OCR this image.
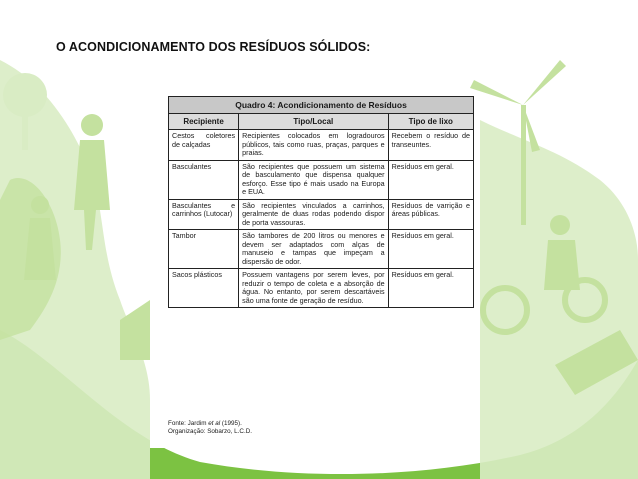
O ACONDICIONAMENTO DOS RESÍDUOS SÓLIDOS:
Quadro 4: Acondicionamento de Resíduos		
Recipiente	Tipo/Local	Tipo de lixo
Cestos coletores de calçadas	Recipientes colocados em logradouros públicos, tais como ruas, praças, parques e praias.	Recebem o resíduo de transeuntes.
Basculantes	São recipientes que possuem um sistema de basculamento que dispensa qualquer esforço. Esse tipo é mais usado na Europa e EUA.	Resíduos em geral.
Basculantes e carrinhos (Lutocar)	São recipientes vinculados a carrinhos, geralmente de duas rodas podendo dispor de porta vassouras.	Resíduos de varrição e áreas públicas.
Tambor	São tambores de 200 litros ou menores e devem ser adaptados com alças de manuseio e tampas que impeçam a dispersão de odor.	Resíduos em geral.
Sacos plásticos	Possuem vantagens por serem leves, por reduzir o tempo de coleta e a absorção de água. No entanto, por serem descartáveis são uma fonte de geração de resíduo.	Resíduos em geral.
Fonte: Jardim et al (1995).
Organização: Sobarzo, L.C.D.
